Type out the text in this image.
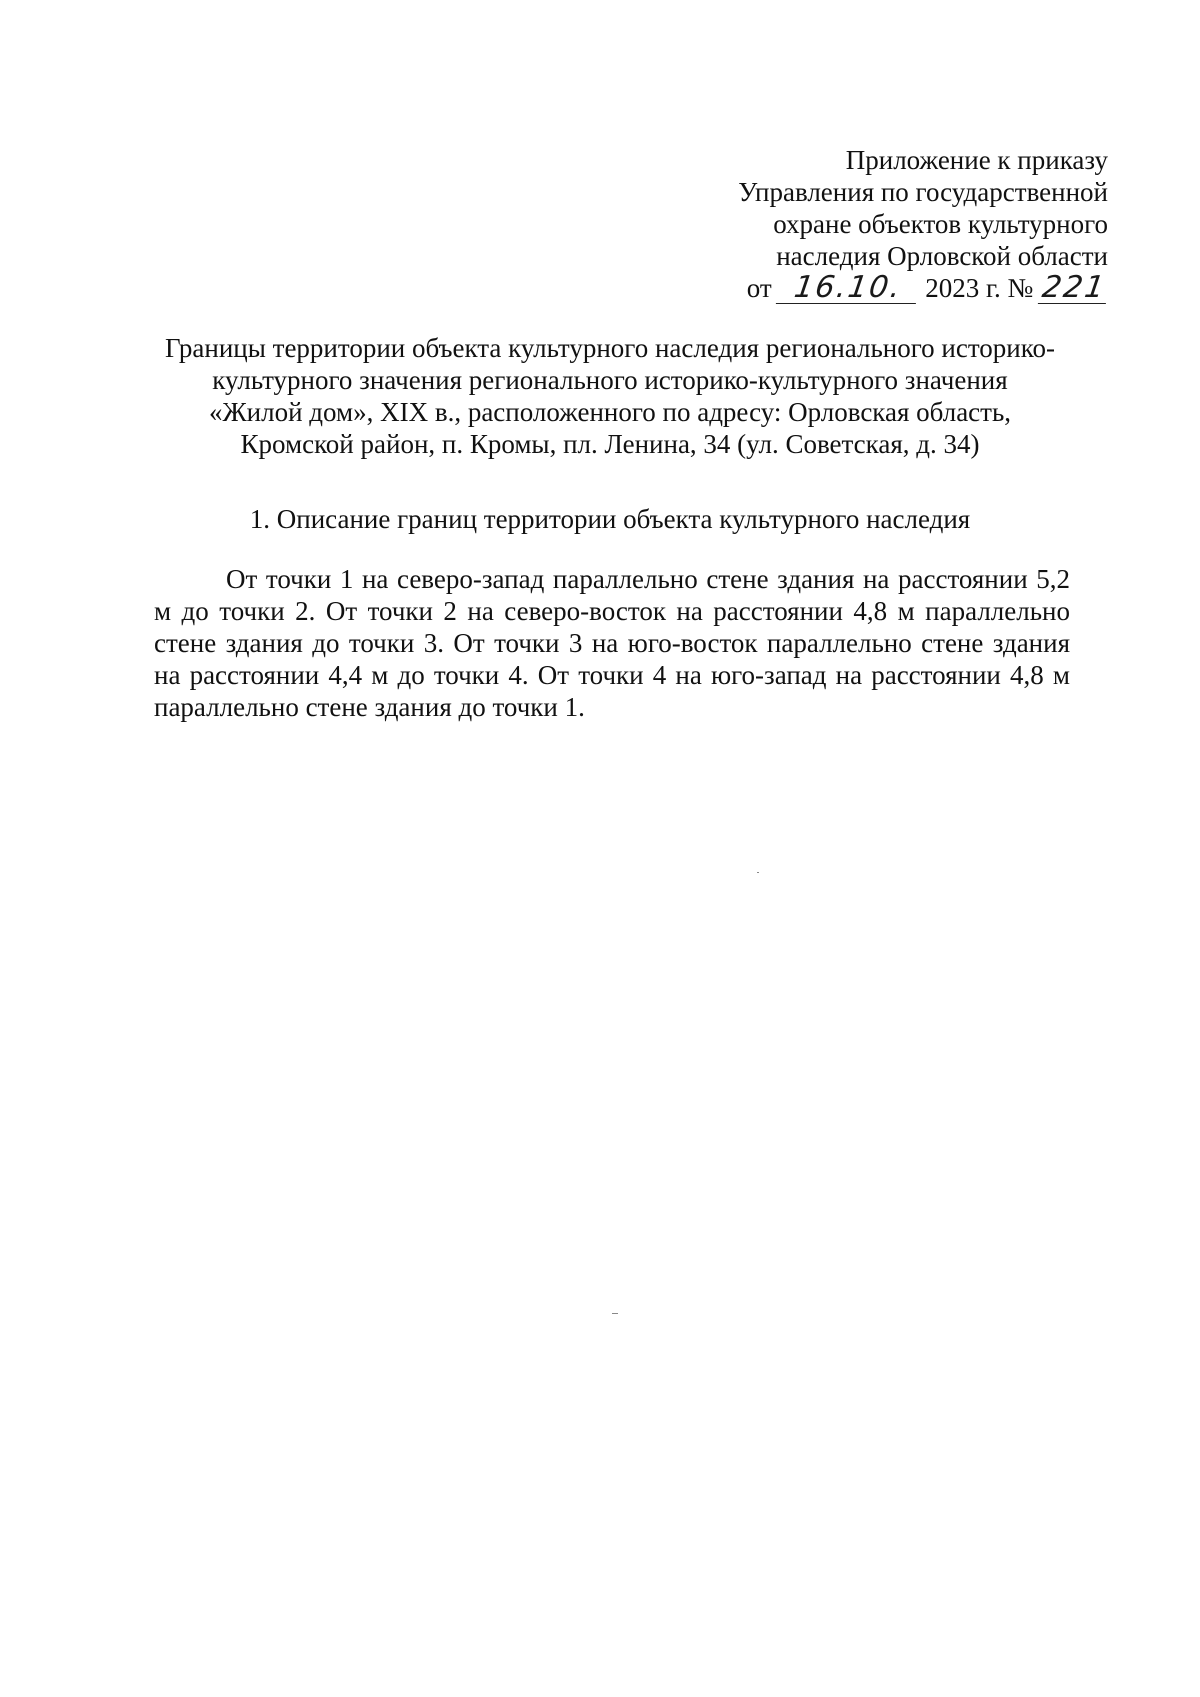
Приложение к приказу
Управления по государственной
охране объектов культурного
наследия Орловской области
от 16.10. 2023 г. № 221
Границы территории объекта культурного наследия регионального историко-
культурного значения регионального историко-культурного значения
«Жилой дом», XIX в., расположенного по адресу: Орловская область,
Кромской район, п. Кромы, пл. Ленина, 34 (ул. Советская, д. 34)
1. Описание границ территории объекта культурного наследия

От точки 1 на северо-запад параллельно стене здания на расстоянии 5,2 м до точки 2. От точки 2 на северо-восток на расстоянии 4,8 м параллельно стене здания до точки 3. От точки 3 на юго-восток параллельно стене здания на расстоянии 4,4 м до точки 4. От точки 4 на юго-запад на расстоянии 4,8 м параллельно стене здания до точки 1.
